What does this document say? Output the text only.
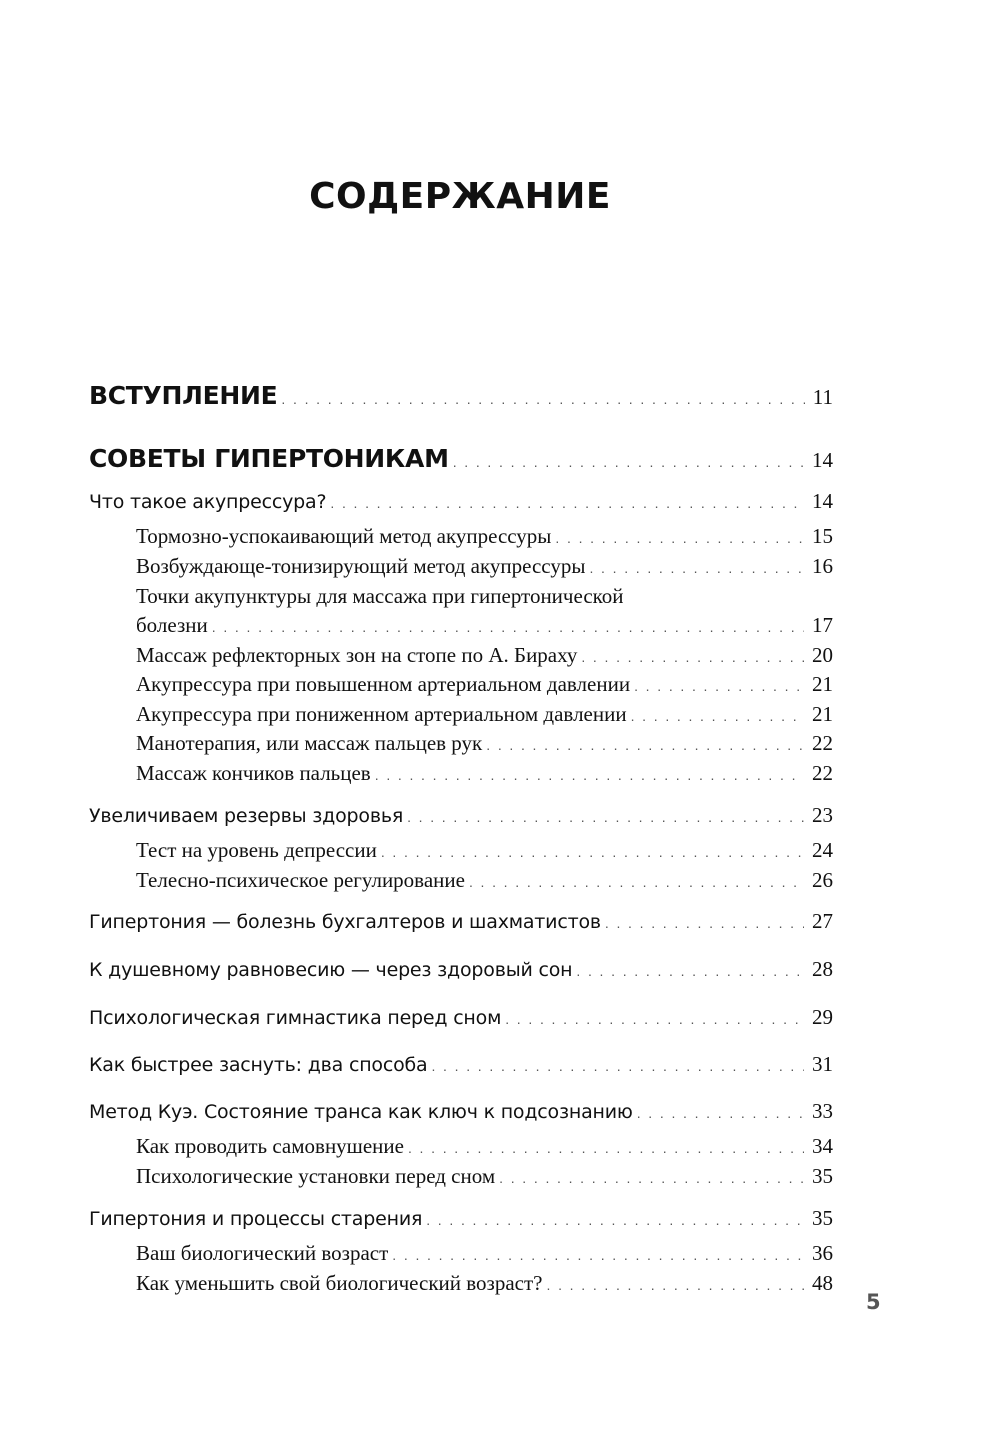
СОДЕРЖАНИЕ
ВСТУПЛЕНИЕ . . .	11
СОВЕТЫ ГИПЕРТОНИКАМ . . .	14
Что такое акупрессура? . . .	14
Тормозно-успокаивающий метод акупрессуры . . .	15
Возбуждающе-тонизирующий метод акупрессуры . . .	16
Точки акупунктуры для массажа при гипертонической
болезни . . .	17
Массаж рефлекторных зон на стопе по А. Бираху . . .	20
Акупрессура при повышенном артериальном давлении . . .	21
Акупрессура при пониженном артериальном давлении . . .	21
Манотерапия, или массаж пальцев рук . . .	22
Массаж кончиков пальцев . . .	22
Увеличиваем резервы здоровья . . .	23
Тест на уровень депрессии . . .	24
Телесно-психическое регулирование . . .	26
Гипертония — болезнь бухгалтеров и шахматистов . . .	27
К душевному равновесию — через здоровый сон . . .	28
Психологическая гимнастика перед сном . . .	29
Как быстрее заснуть: два способа . . .	31
Метод Куэ. Состояние транса как ключ к подсознанию . . .	33
Как проводить самовнушение . . .	34
Психологические установки перед сном . . .	35
Гипертония и процессы старения . . .	35
Ваш биологический возраст . . .	36
Как уменьшить свой биологический возраст? . . .	48
5
